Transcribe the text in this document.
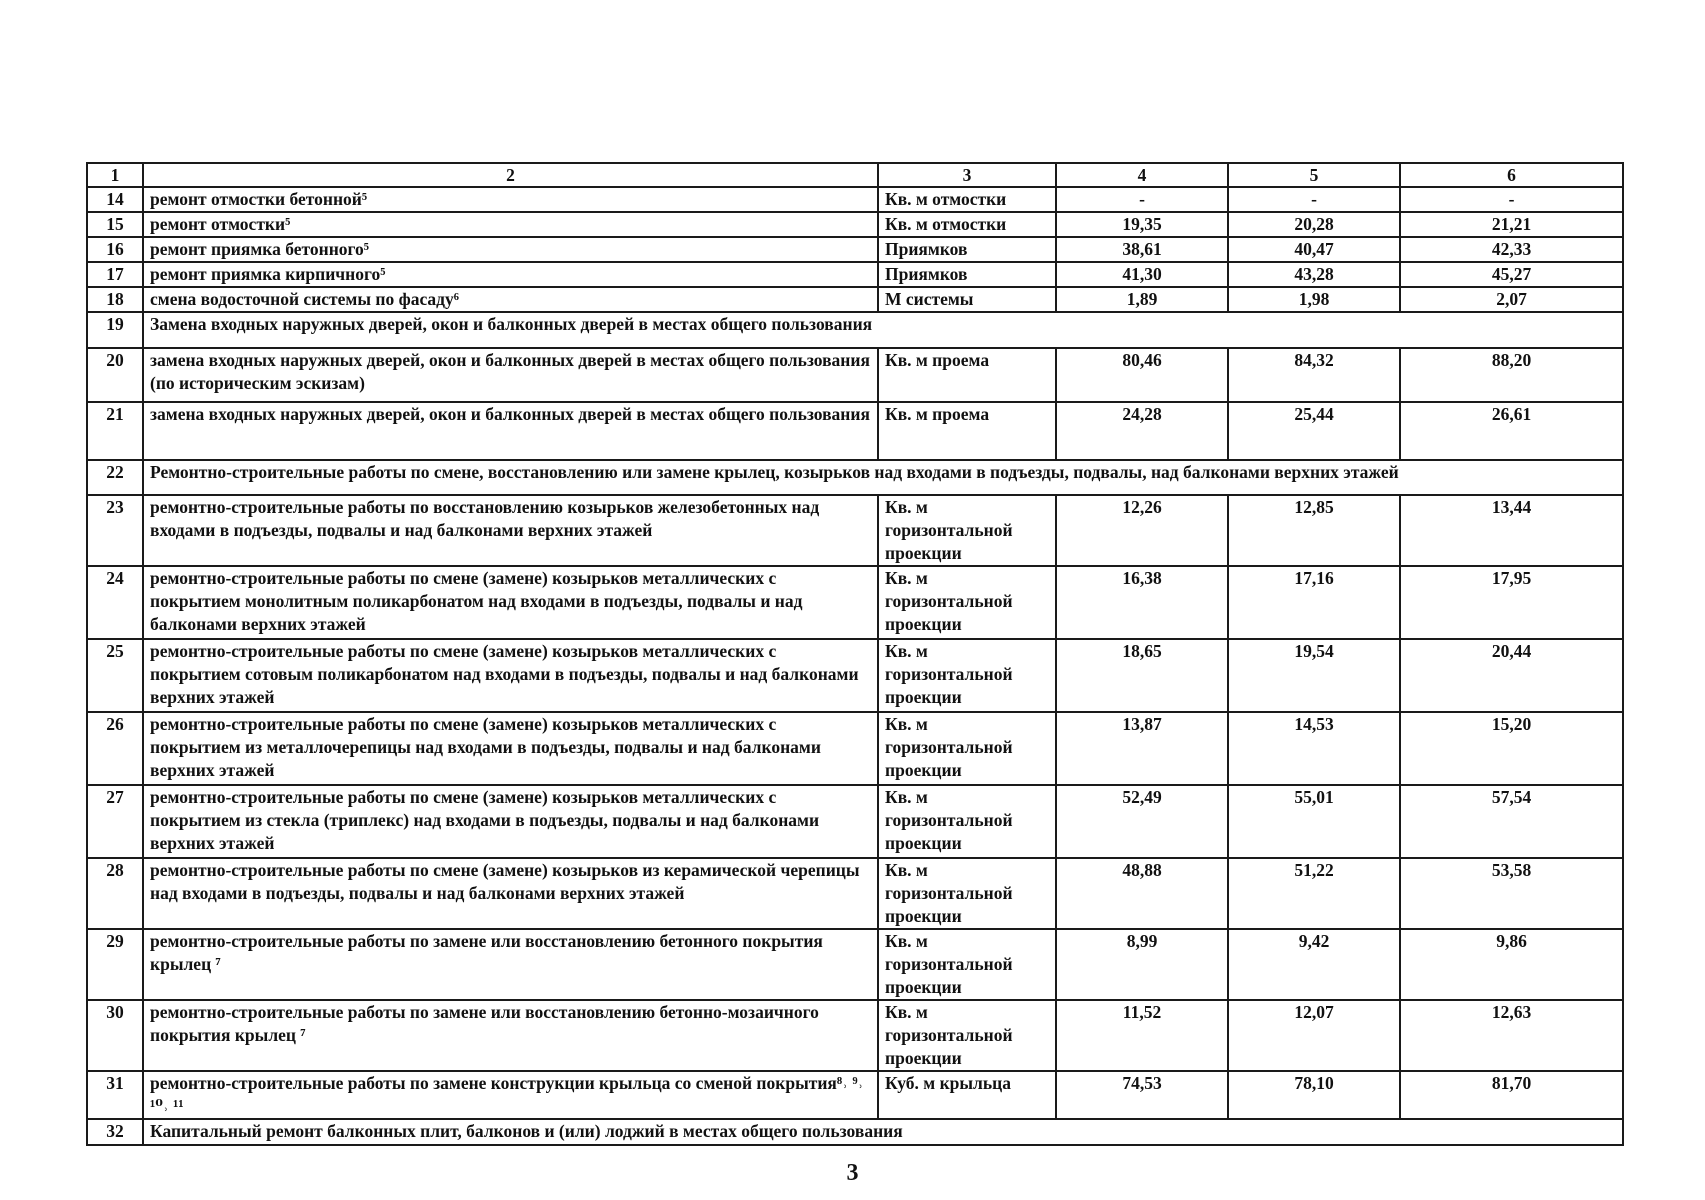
1	2	3	4	5	6
14	ремонт отмостки бетонной⁵	Кв. м отмостки	-	-	-
15	ремонт отмостки⁵	Кв. м отмостки	19,35	20,28	21,21
16	ремонт приямка бетонного⁵	Приямков	38,61	40,47	42,33
17	ремонт приямка кирпичного⁵	Приямков	41,30	43,28	45,27
18	смена водосточной системы по фасаду⁶	М системы	1,89	1,98	2,07
19	Замена входных наружных дверей, окон и балконных дверей в местах общего пользования				
20	замена входных наружных дверей, окон и балконных дверей в местах общего пользования (по историческим эскизам)	Кв. м проема	80,46	84,32	88,20
21	замена входных наружных дверей, окон и балконных дверей в местах общего пользования	Кв. м проема	24,28	25,44	26,61
22	Ремонтно-строительные работы по смене, восстановлению или замене крылец, козырьков над входами в подъезды, подвалы, над балконами верхних этажей				
23	ремонтно-строительные работы по восстановлению козырьков железобетонных над входами в подъезды, подвалы и над балконами верхних этажей	Кв. м горизонтальной проекции	12,26	12,85	13,44
24	ремонтно-строительные работы по смене (замене) козырьков металлических с покрытием монолитным поликарбонатом над входами в подъезды, подвалы и над балконами верхних этажей	Кв. м горизонтальной проекции	16,38	17,16	17,95
25	ремонтно-строительные работы по смене (замене) козырьков металлических с покрытием сотовым поликарбонатом над входами в подъезды, подвалы и над балконами верхних этажей	Кв. м горизонтальной проекции	18,65	19,54	20,44
26	ремонтно-строительные работы по смене (замене) козырьков металлических с покрытием из металлочерепицы над входами в подъезды, подвалы и над балконами верхних этажей	Кв. м горизонтальной проекции	13,87	14,53	15,20
27	ремонтно-строительные работы по смене (замене) козырьков металлических с покрытием из стекла (триплекс) над входами в подъезды, подвалы и над балконами верхних этажей	Кв. м горизонтальной проекции	52,49	55,01	57,54
28	ремонтно-строительные работы по смене (замене) козырьков из керамической черепицы над входами в подъезды, подвалы и над балконами верхних этажей	Кв. м горизонтальной проекции	48,88	51,22	53,58
29	ремонтно-строительные работы по замене или восстановлению бетонного покрытия крылец ⁷	Кв. м горизонтальной проекции	8,99	9,42	9,86
30	ремонтно-строительные работы по замене или восстановлению бетонно-мозаичного покрытия крылец ⁷	Кв. м горизонтальной проекции	11,52	12,07	12,63
31	ремонтно-строительные работы по замене конструкции крыльца со сменой покрытия⁸˒ ⁹˒ ¹⁰˒ ¹¹	Куб. м крыльца	74,53	78,10	81,70
32	Капитальный ремонт балконных плит, балконов и (или) лоджий в местах общего пользования				
3
